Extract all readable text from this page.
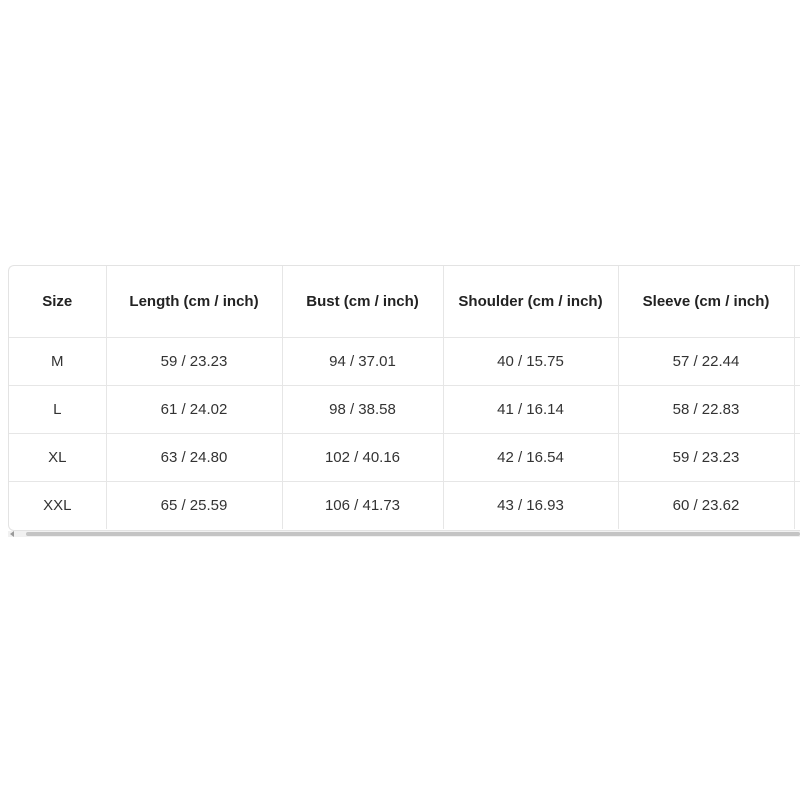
Size	Length (cm / inch)	Bust (cm / inch)	Shoulder (cm / inch)	Sleeve (cm / inch)	
M	59 / 23.23	94 / 37.01	40 / 15.75	57 / 22.44	
L	61 / 24.02	98 / 38.58	41 / 16.14	58 / 22.83	
XL	63 / 24.80	102 / 40.16	42 / 16.54	59 / 23.23	
XXL	65 / 25.59	106 / 41.73	43 / 16.93	60 / 23.62	
